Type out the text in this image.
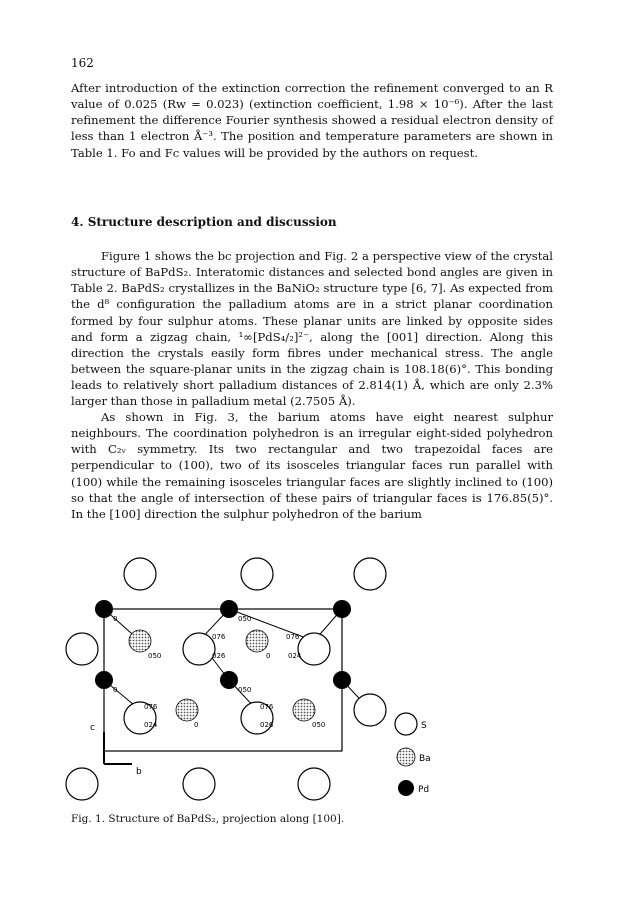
162

After introduction of the extinction correction the refinement converged to an R value of 0.025 (Rw = 0.023) (extinction coefficient, 1.98 × 10⁻⁶). After the last refinement the difference Fourier synthesis showed a residual electron density of less than 1 electron Å⁻³. The position and temperature parameters are shown in Table 1. Fo and Fc values will be provided by the authors on request.

4. Structure description and discussion

Figure 1 shows the bc projection and Fig. 2 a perspective view of the crystal structure of BaPdS₂. Interatomic distances and selected bond angles are given in Table 2. BaPdS₂ crystallizes in the BaNiO₂ structure type [6, 7]. As expected from the d⁸ configuration the palladium atoms are in a strict planar coordination formed by four sulphur atoms. These planar units are linked by opposite sides and form a zigzag chain, ¹∞[PdS₄/₂]²⁻, along the [001] direction. Along this direction the crystals easily form fibres under mechanical stress. The angle between the square-planar units in the zigzag chain is 108.18(6)°. This bonding leads to relatively short palladium distances of 2.814(1) Å, which are only 2.3% larger than those in palladium metal (2.7505 Å).

As shown in Fig. 3, the barium atoms have eight nearest sulphur neighbours. The coordination polyhedron is an irregular eight-sided polyhedron with C₂ᵥ symmetry. Its two rectangular and two trapezoidal faces are perpendicular to (100), two of its isosceles triangular faces run parallel with (100) while the remaining isosceles triangular faces are slightly inclined to (100) so that the angle of intersection of these pairs of triangular faces is 176.85(5)°. In the [100] direction the sulphur polyhedron of the barium

0	050
050
076
026	0
076
024
0	050
076
024	0
076
026	050
c
b
S
Ba
Pd
Fig. 1. Structure of BaPdS₂, projection along [100].
